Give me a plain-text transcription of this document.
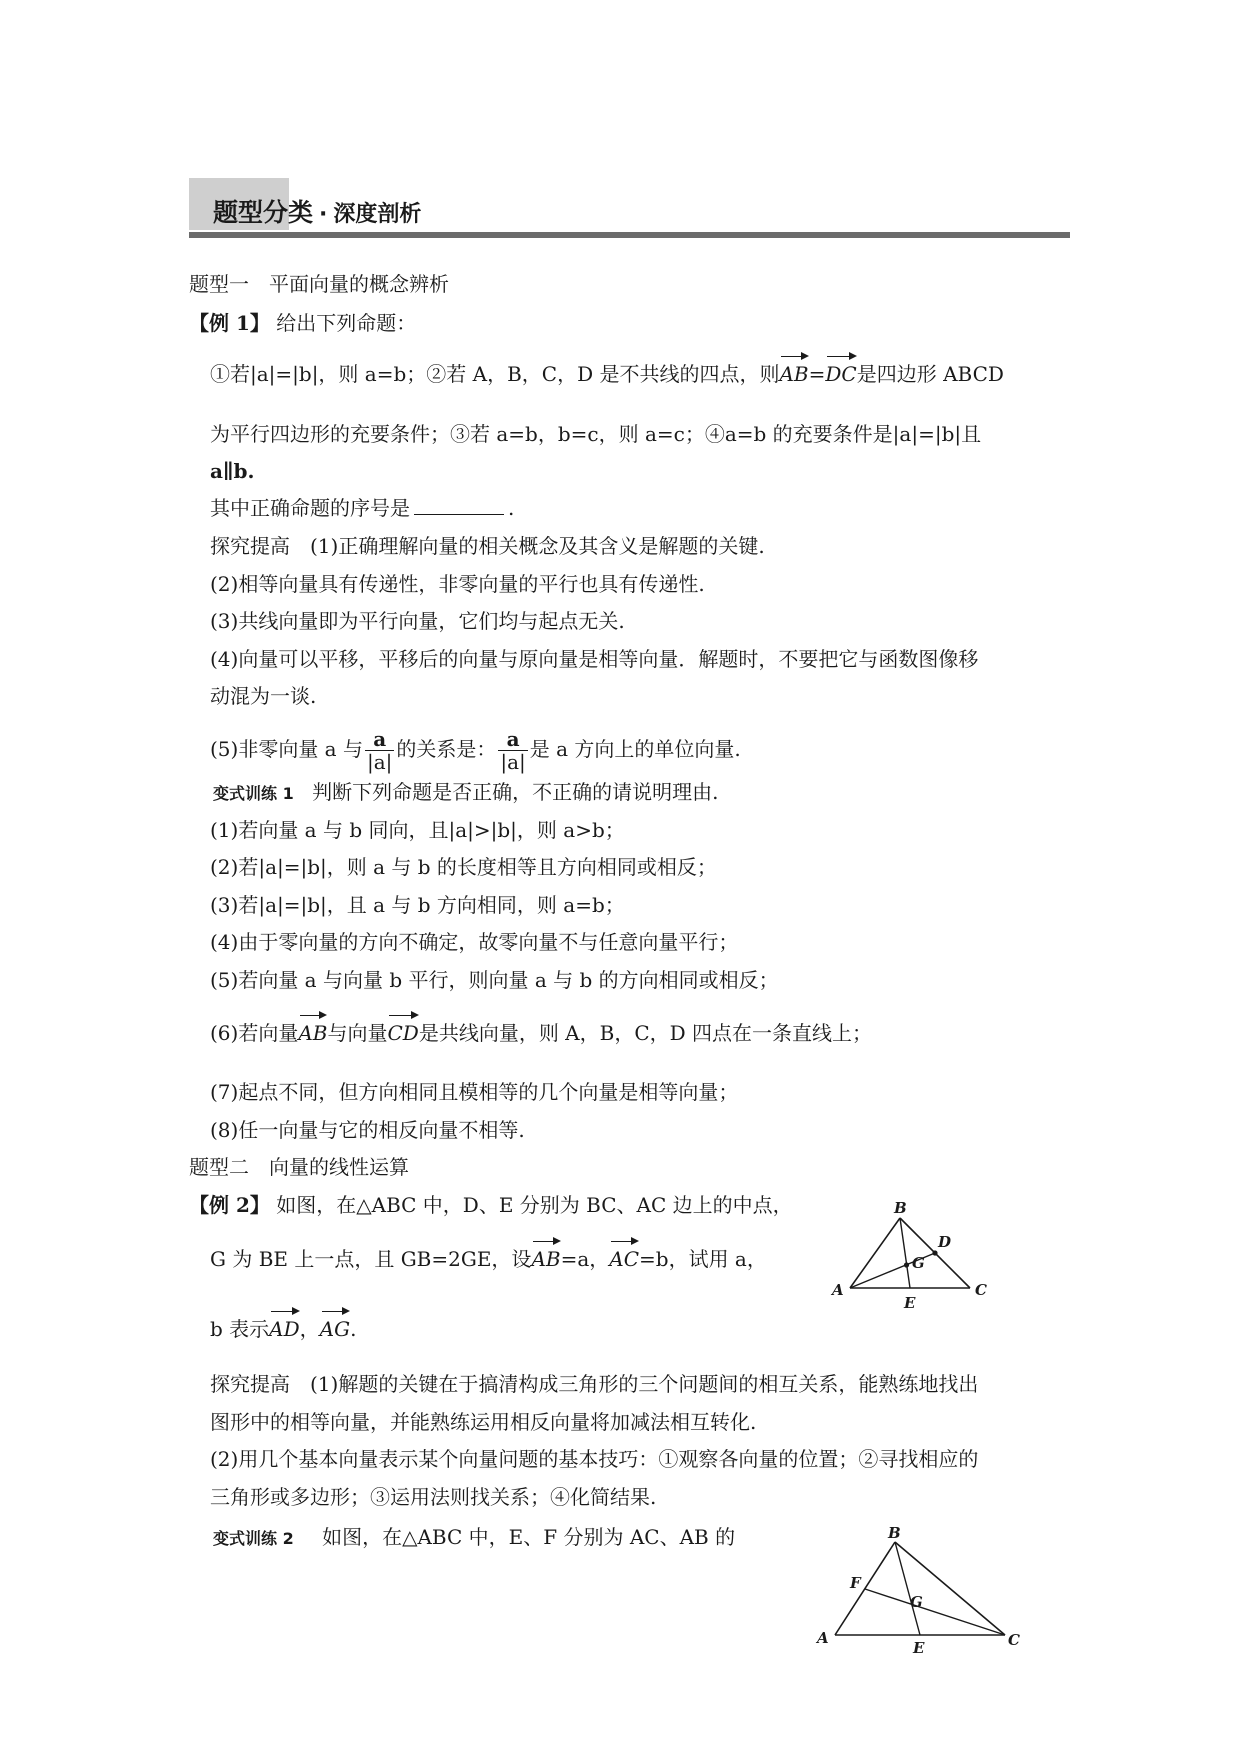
题型分类 · 深度剖析
题型一　平面向量的概念辨析
【例 1】 给出下列命题：
①若|a|=|b|，则 a=b；②若 A，B，C，D 是不共线的四点，则AB=DC是四边形 ABCD
为平行四边形的充要条件；③若 a=b，b=c，则 a=c；④a=b 的充要条件是|a|=|b|且
a∥b.
其中正确命题的序号是	.
探究提高　(1)正确理解向量的相关概念及其含义是解题的关键.
(2)相等向量具有传递性，非零向量的平行也具有传递性.
(3)共线向量即为平行向量，它们均与起点无关.
(4)向量可以平移，平移后的向量与原向量是相等向量．解题时，不要把它与函数图像移
动混为一谈.
(5)非零向量 a 与 $\frac{a}{|a|}$ 的关系是： $\frac{a}{|a|}$ 是 a 方向上的单位向量.
变式训练 1 判断下列命题是否正确，不正确的请说明理由.
(1)若向量 a 与 b 同向，且|a|>|b|，则 a>b；
(2)若|a|=|b|，则 a 与 b 的长度相等且方向相同或相反；
(3)若|a|=|b|，且 a 与 b 方向相同，则 a=b；
(4)由于零向量的方向不确定，故零向量不与任意向量平行；
(5)若向量 a 与向量 b 平行，则向量 a 与 b 的方向相同或相反；
(6)若向量AB与向量CD是共线向量，则 A，B，C，D 四点在一条直线上；
(7)起点不同，但方向相同且模相等的几个向量是相等向量；
(8)任一向量与它的相反向量不相等.
题型二　向量的线性运算
【例 2】 如图，在△ABC 中，D、E 分别为 BC、AC 边上的中点，
G 为 BE 上一点，且 GB=2GE，设AB=a，AC=b，试用 a，
b 表示AD，AG.
B
D
G
A
E
C
探究提高　(1)解题的关键在于搞清构成三角形的三个问题间的相互关系，能熟练地找出
图形中的相等向量，并能熟练运用相反向量将加减法相互转化.
(2)用几个基本向量表示某个向量问题的基本技巧：①观察各向量的位置；②寻找相应的
三角形或多边形；③运用法则找关系；④化简结果.
变式训练 2 如图，在△ABC 中，E、F 分别为 AC、AB 的	B
F
G
A
E	C
